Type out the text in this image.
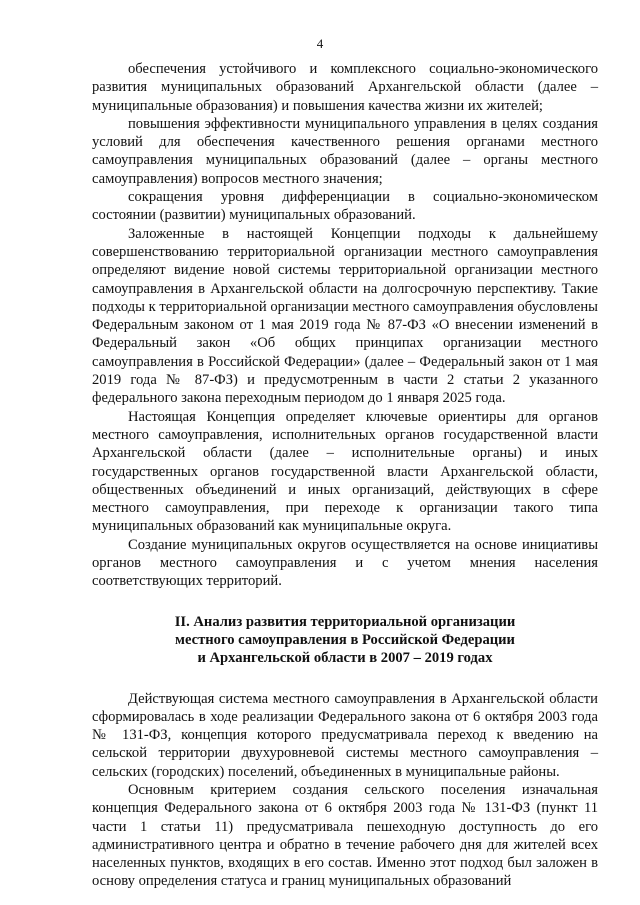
4

обеспечения устойчивого и комплексного социально-экономического развития муниципальных образований Архангельской области (далее – муниципальные образования) и повышения качества жизни их жителей;

повышения эффективности муниципального управления в целях создания условий для обеспечения качественного решения органами местного самоуправления муниципальных образований (далее – органы местного самоуправления) вопросов местного значения;

сокращения уровня дифференциации в социально-экономическом состоянии (развитии) муниципальных образований.

Заложенные в настоящей Концепции подходы к дальнейшему совершенствованию территориальной организации местного самоуправления определяют видение новой системы территориальной организации местного самоуправления в Архангельской области на долгосрочную перспективу. Такие подходы к территориальной организации местного самоуправления обусловлены Федеральным законом от 1 мая 2019 года № 87-ФЗ «О внесении изменений в Федеральный закон «Об общих принципах организации местного самоуправления в Российской Федерации» (далее – Федеральный закон от 1 мая 2019 года № 87-ФЗ) и предусмотренным в части 2 статьи 2 указанного федерального закона переходным периодом до 1 января 2025 года.

Настоящая Концепция определяет ключевые ориентиры для органов местного самоуправления, исполнительных органов государственной власти Архангельской области (далее – исполнительные органы) и иных государственных органов государственной власти Архангельской области, общественных объединений и иных организаций, действующих в сфере местного самоуправления, при переходе к организации такого типа муниципальных образований как муниципальные округа.

Создание муниципальных округов осуществляется на основе инициативы органов местного самоуправления и с учетом мнения населения соответствующих территорий.

II. Анализ развития территориальной организации
местного самоуправления в Российской Федерации
и Архангельской области в 2007 – 2019 годах

Действующая система местного самоуправления в Архангельской области сформировалась в ходе реализации Федерального закона от 6 октября 2003 года № 131-ФЗ, концепция которого предусматривала переход к введению на сельской территории двухуровневой системы местного самоуправления – сельских (городских) поселений, объединенных в муниципальные районы.

Основным критерием создания сельского поселения изначальная концепция Федерального закона от 6 октября 2003 года № 131-ФЗ (пункт 11 части 1 статьи 11) предусматривала пешеходную доступность до его административного центра и обратно в течение рабочего дня для жителей всех населенных пунктов, входящих в его состав. Именно этот подход был заложен в основу определения статуса и границ муниципальных образований
